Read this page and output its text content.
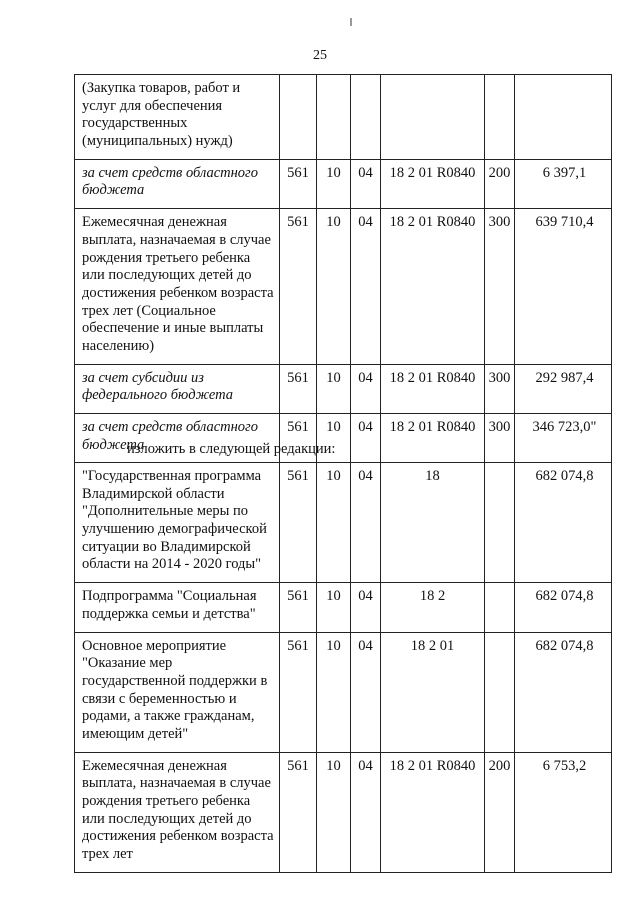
25
(Закупка товаров, работ и услуг для обеспечения государственных (муниципальных) нужд)						
за счет средств областного бюджета	561	10	04	18 2 01 R0840	200	6 397,1
Ежемесячная денежная выплата, назначаемая в случае рождения третьего ребенка или последующих детей до достижения ребенком возраста трех лет (Социальное обеспечение и иные выплаты населению)	561	10	04	18 2 01 R0840	300	639 710,4
за счет субсидии из федерального бюджета	561	10	04	18 2 01 R0840	300	292 987,4
за счет средств областного бюджета	561	10	04	18 2 01 R0840	300	346 723,0"
изложить в следующей редакции:
"Государственная программа Владимирской области "Дополнительные меры по улучшению демографической ситуации во Владимирской области на 2014 - 2020 годы"	561	10	04	18		682 074,8
Подпрограмма "Социальная поддержка семьи и детства"	561	10	04	18 2		682 074,8
Основное мероприятие "Оказание мер государственной поддержки в связи с беременностью и родами, а также гражданам, имеющим детей"	561	10	04	18 2 01		682 074,8
Ежемесячная денежная выплата, назначаемая в случае рождения третьего ребенка или последующих детей до достижения ребенком возраста трех лет	561	10	04	18 2 01 R0840	200	6 753,2
